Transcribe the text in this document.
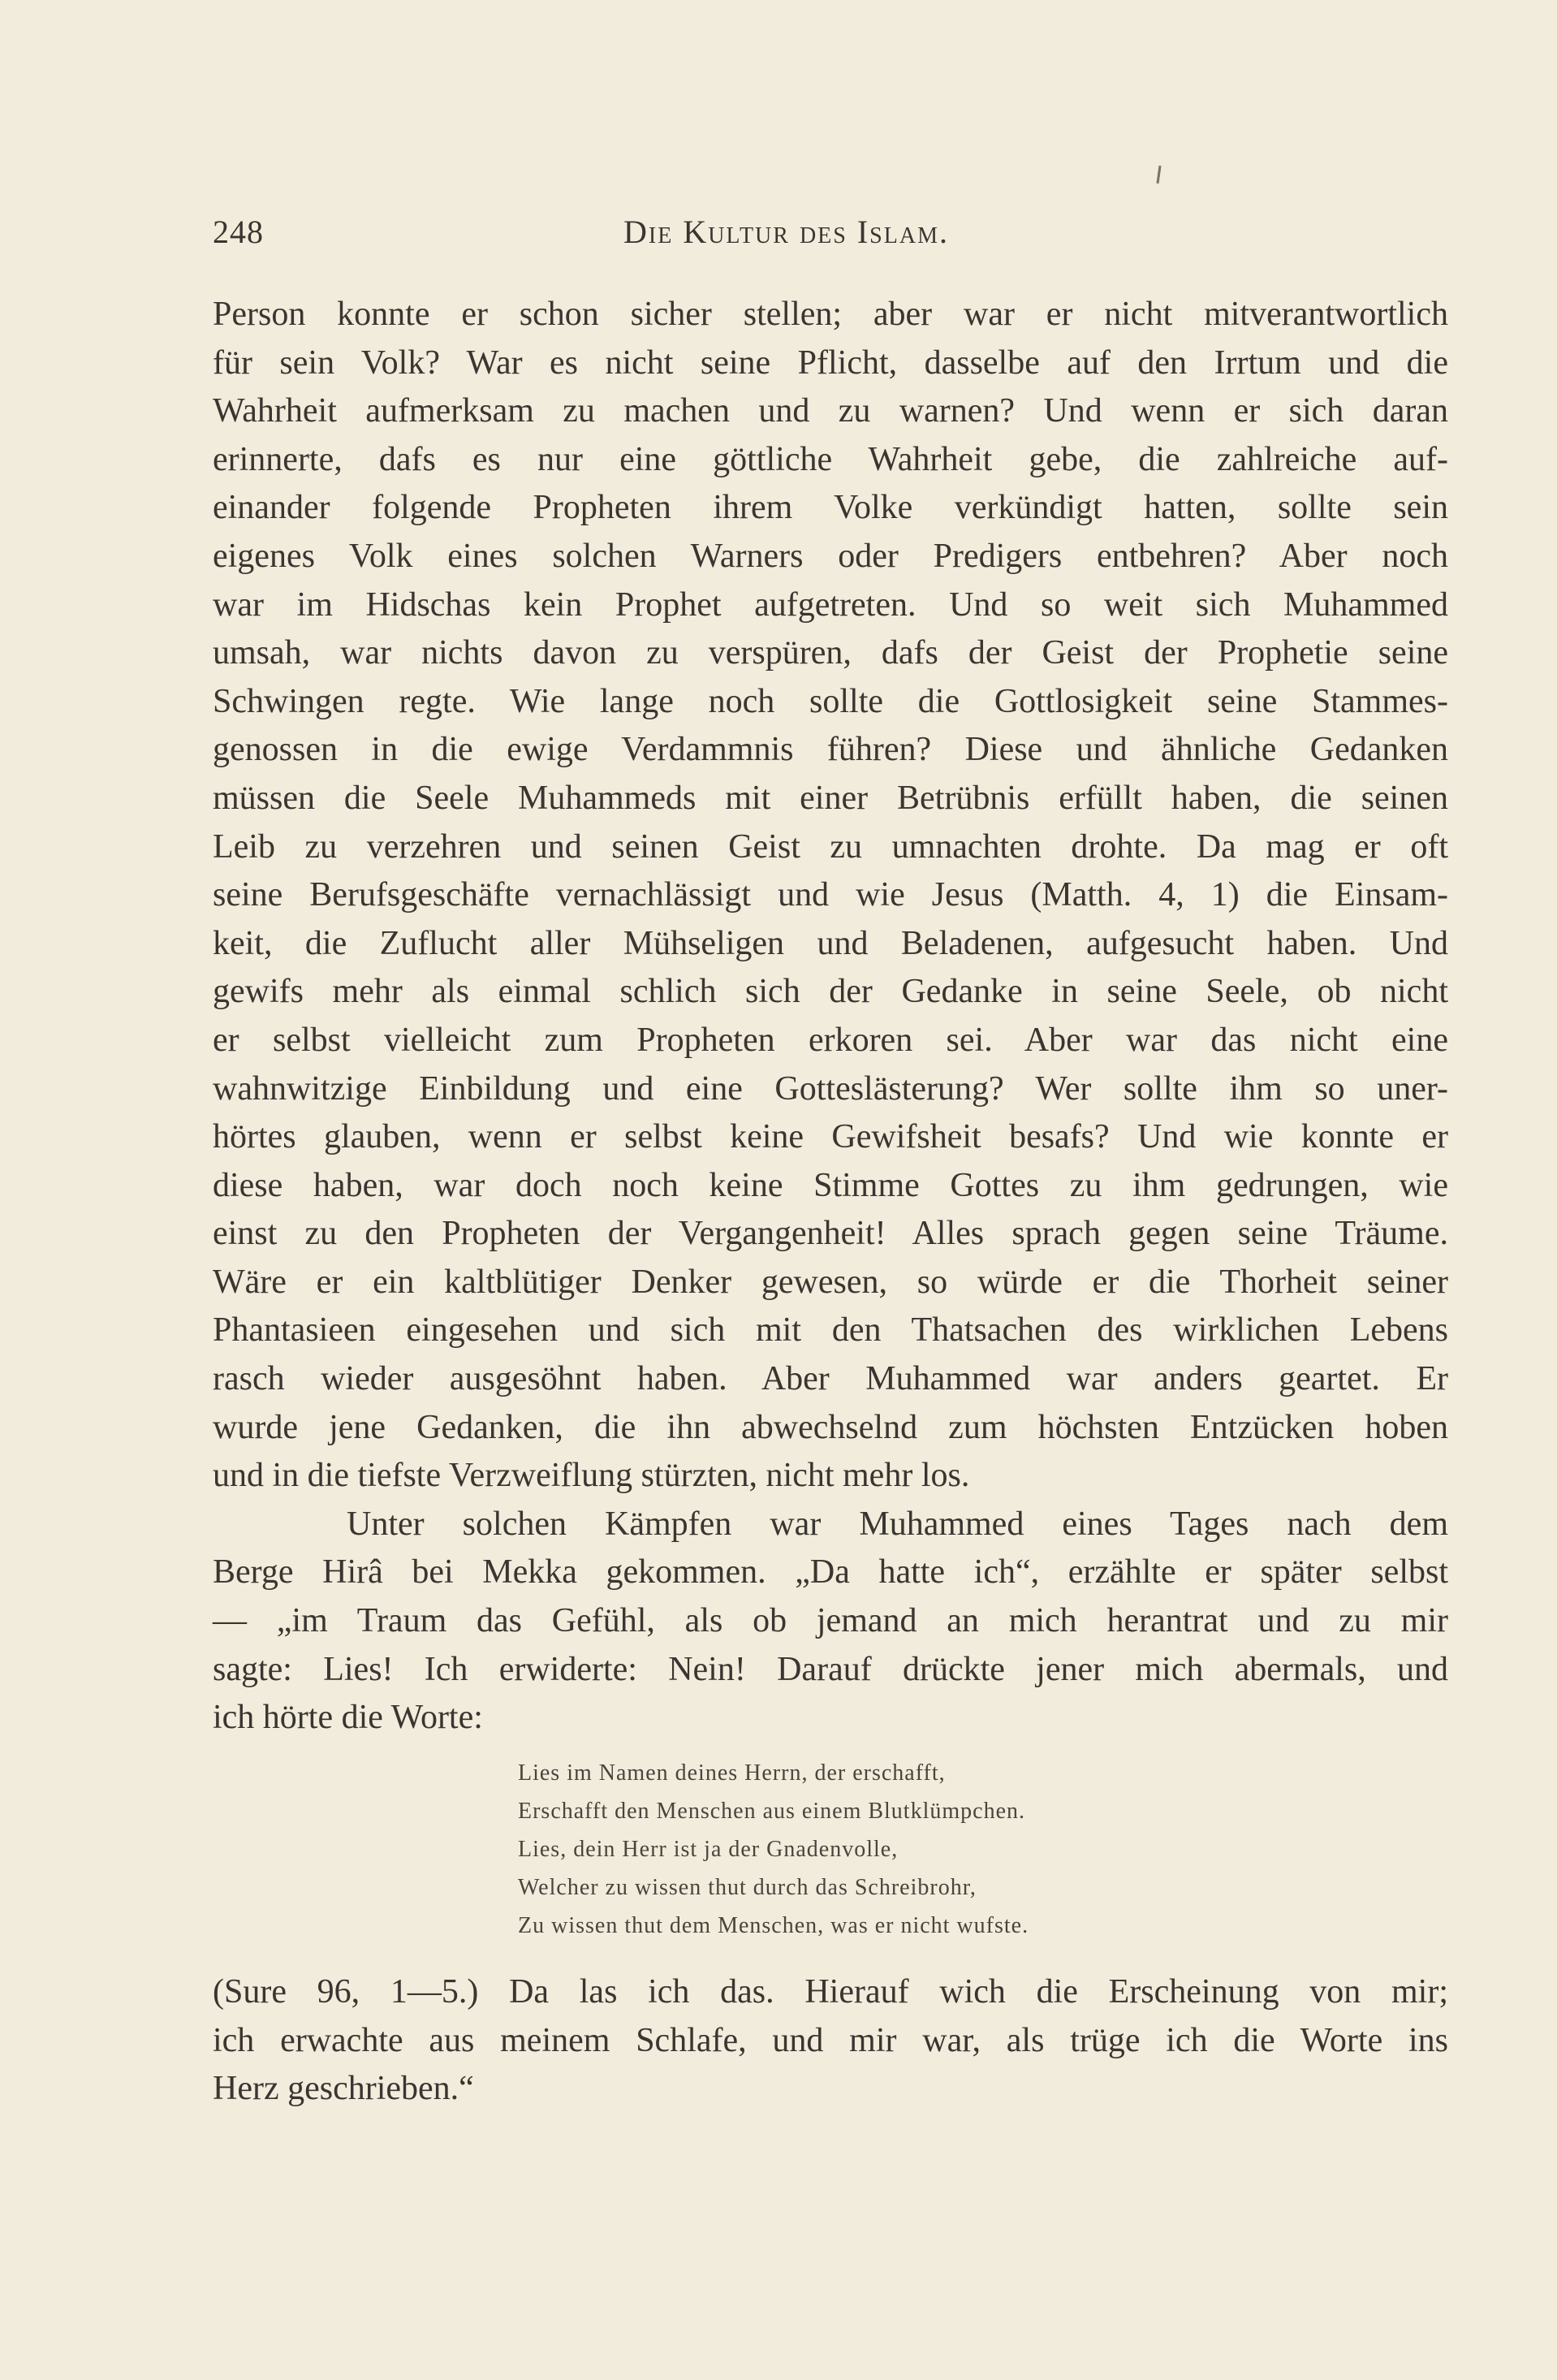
248	Die Kultur des Islam.
Person konnte er schon sicher stellen; aber war er nicht mitverantwortlich
für sein Volk? War es nicht seine Pflicht, dasselbe auf den Irrtum und die
Wahrheit aufmerksam zu machen und zu warnen? Und wenn er sich daran
erinnerte, dafs es nur eine göttliche Wahrheit gebe, die zahlreiche auf-
einander folgende Propheten ihrem Volke verkündigt hatten, sollte sein
eigenes Volk eines solchen Warners oder Predigers entbehren? Aber noch
war im Hidschas kein Prophet aufgetreten. Und so weit sich Muhammed
umsah, war nichts davon zu verspüren, dafs der Geist der Prophetie seine
Schwingen regte. Wie lange noch sollte die Gottlosigkeit seine Stammes-
genossen in die ewige Verdammnis führen? Diese und ähnliche Gedanken
müssen die Seele Muhammeds mit einer Betrübnis erfüllt haben, die seinen
Leib zu verzehren und seinen Geist zu umnachten drohte. Da mag er oft
seine Berufsgeschäfte vernachlässigt und wie Jesus (Matth. 4, 1) die Einsam-
keit, die Zuflucht aller Mühseligen und Beladenen, aufgesucht haben. Und
gewifs mehr als einmal schlich sich der Gedanke in seine Seele, ob nicht
er selbst vielleicht zum Propheten erkoren sei. Aber war das nicht eine
wahnwitzige Einbildung und eine Gotteslästerung? Wer sollte ihm so uner-
hörtes glauben, wenn er selbst keine Gewifsheit besafs? Und wie konnte er
diese haben, war doch noch keine Stimme Gottes zu ihm gedrungen, wie
einst zu den Propheten der Vergangenheit! Alles sprach gegen seine Träume.
Wäre er ein kaltblütiger Denker gewesen, so würde er die Thorheit seiner
Phantasieen eingesehen und sich mit den Thatsachen des wirklichen Lebens
rasch wieder ausgesöhnt haben. Aber Muhammed war anders geartet. Er
wurde jene Gedanken, die ihn abwechselnd zum höchsten Entzücken hoben
und in die tiefste Verzweiflung stürzten, nicht mehr los.
Unter solchen Kämpfen war Muhammed eines Tages nach dem
Berge Hirâ bei Mekka gekommen. „Da hatte ich“, erzählte er später selbst
— „im Traum das Gefühl, als ob jemand an mich herantrat und zu mir
sagte: Lies! Ich erwiderte: Nein! Darauf drückte jener mich abermals, und
ich hörte die Worte:
Lies im Namen deines Herrn, der erschafft,
Erschafft den Menschen aus einem Blutklümpchen.
Lies, dein Herr ist ja der Gnadenvolle,
Welcher zu wissen thut durch das Schreibrohr,
Zu wissen thut dem Menschen, was er nicht wufste.
(Sure 96, 1—5.) Da las ich das. Hierauf wich die Erscheinung von mir;
ich erwachte aus meinem Schlafe, und mir war, als trüge ich die Worte ins
Herz geschrieben.“
